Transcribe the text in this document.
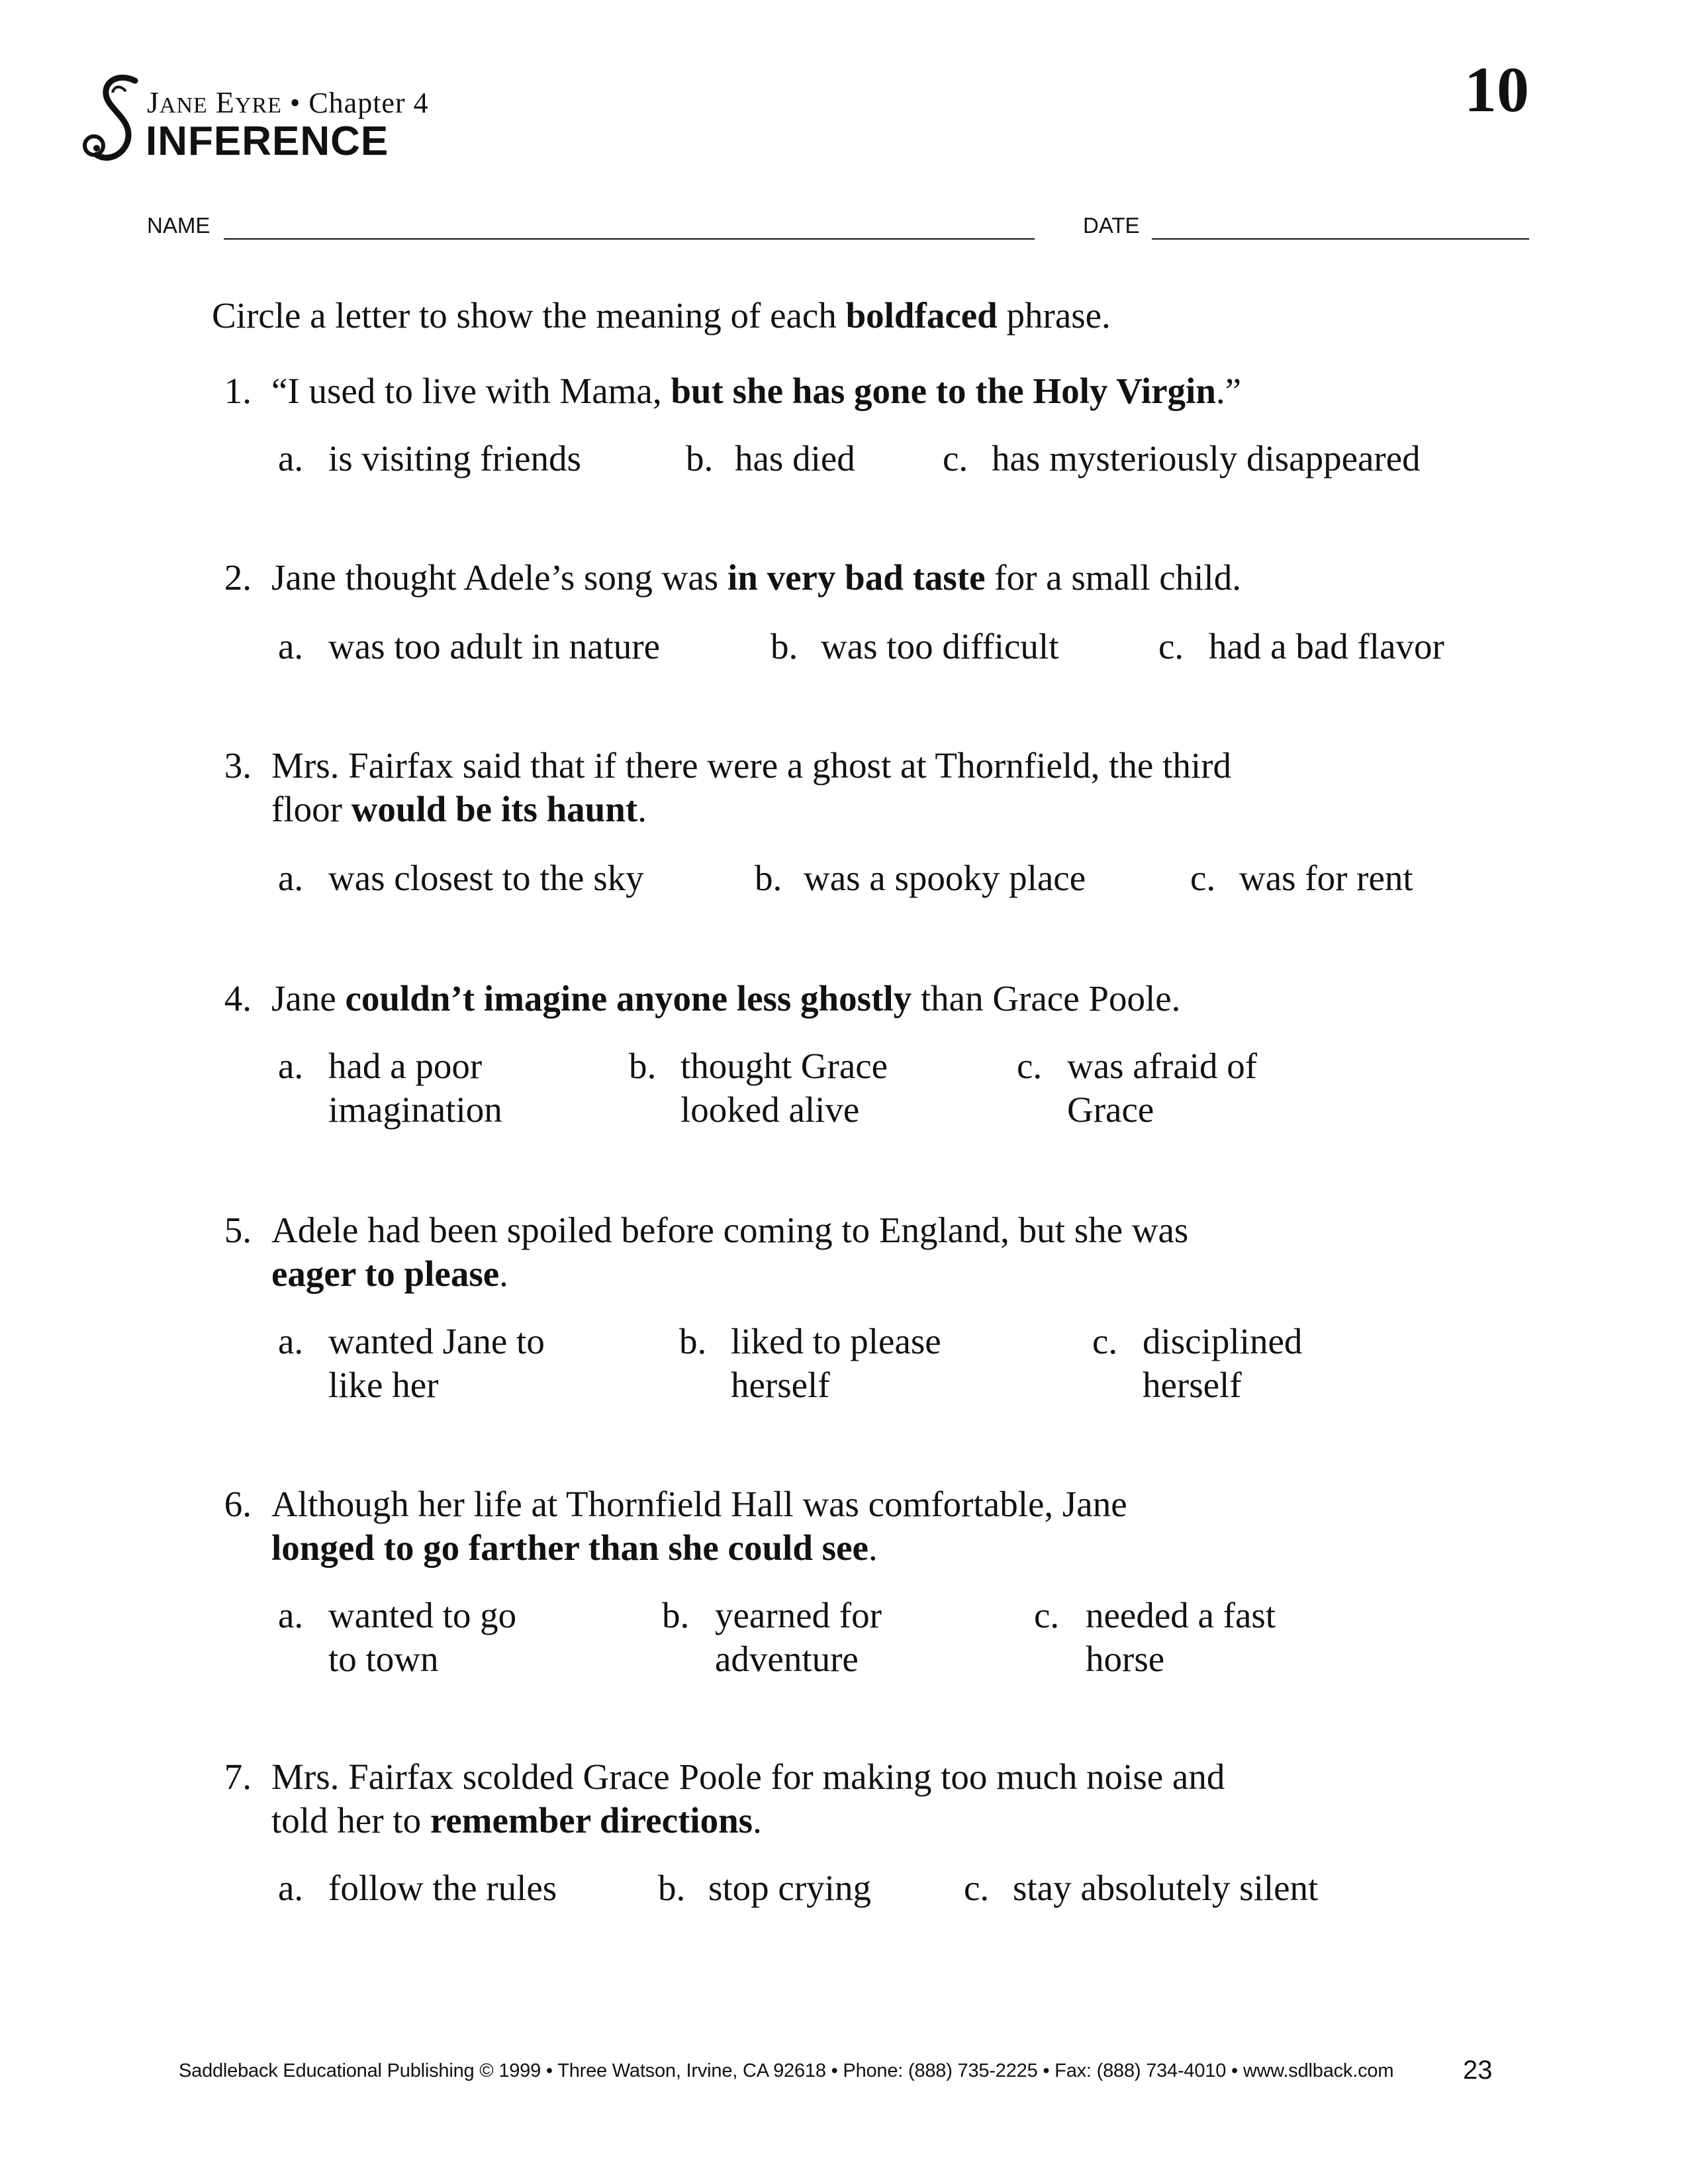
JANE EYRE • Chapter 4
INFERENCE
10
NAME	DATE
Circle a letter to show the meaning of each boldfaced phrase.
1. “I used to live with Mama, but she has gone to the Holy Virgin.”
a. is visiting friends	b. has died c. has mysteriously disappeared
2. Jane thought Adele’s song was in very bad taste for a small child.
a. was too adult in nature	b. was too difficult	c. had a bad flavor
3. Mrs. Fairfax said that if there were a ghost at Thornfield, the third
floor would be its haunt.
a. was closest to the sky	b. was a spooky place	c. was for rent
4. Jane couldn’t imagine anyone less ghostly than Grace Poole.
a. had a poor
imagination
b. thought Grace
looked alive
c. was afraid of
Grace
5. Adele had been spoiled before coming to England, but she was
eager to please.
a. wanted Jane to
like her
b. liked to please
herself
c. disciplined
herself
6. Although her life at Thornfield Hall was comfortable, Jane
longed to go farther than she could see.
a. wanted to go
to town
b. yearned for
adventure
c. needed a fast
horse
7. Mrs. Fairfax scolded Grace Poole for making too much noise and
told her to remember directions.
a. follow the rules	b. stop crying	c. stay absolutely silent
Saddleback Educational Publishing © 1999 • Three Watson, Irvine, CA 92618 • Phone: (888) 735-2225 • Fax: (888) 734-4010 • www.sdlback.com	23
